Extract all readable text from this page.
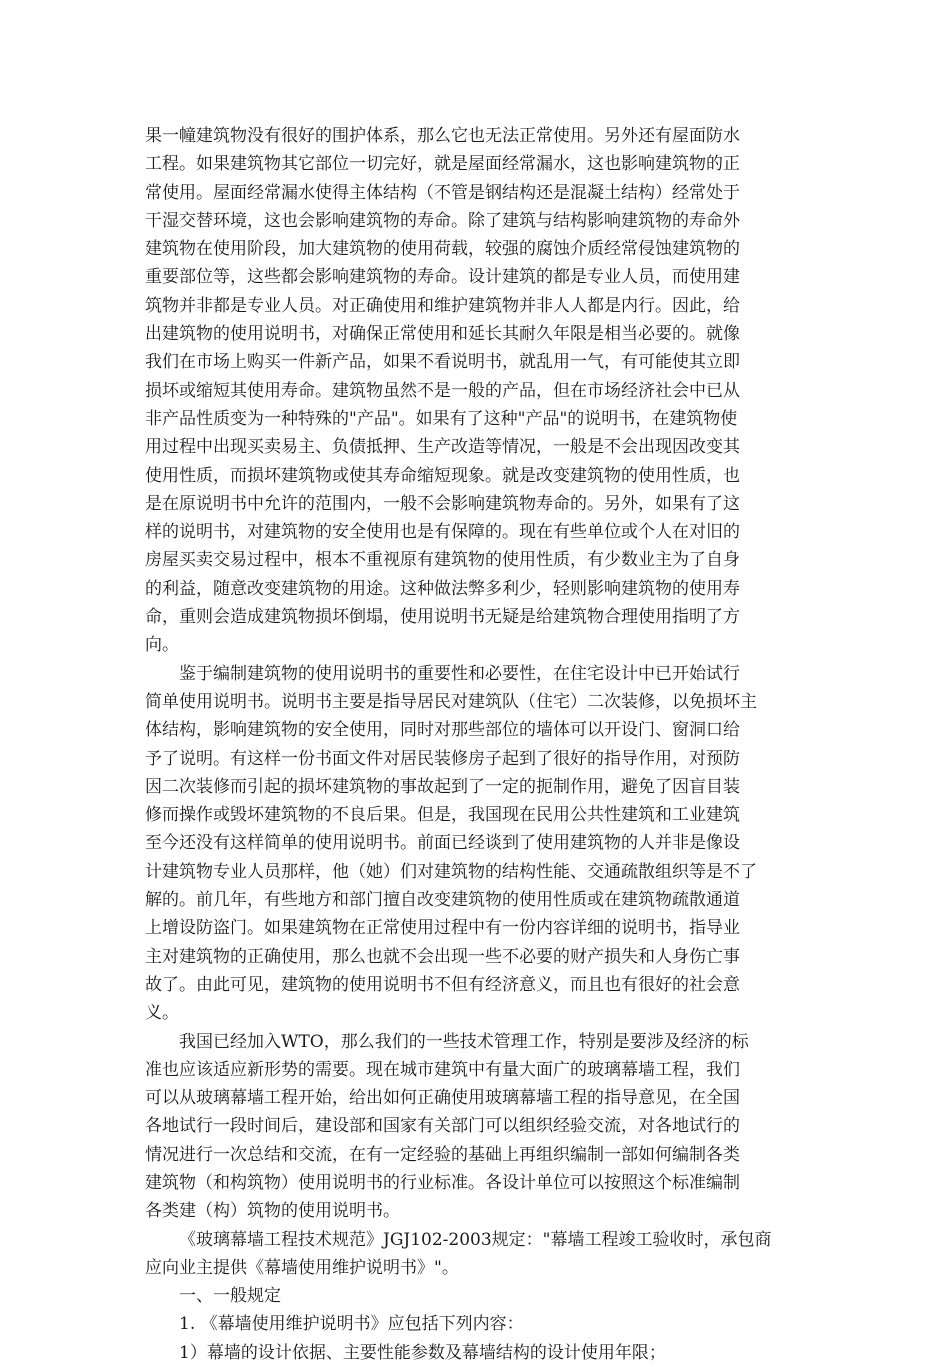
果一幢建筑物没有很好的围护体系，那么它也无法正常使用。另外还有屋面防水
工程。如果建筑物其它部位一切完好，就是屋面经常漏水，这也影响建筑物的正
常使用。屋面经常漏水使得主体结构（不管是钢结构还是混凝土结构）经常处于
干湿交替环境，这也会影响建筑物的寿命。除了建筑与结构影响建筑物的寿命外
建筑物在使用阶段，加大建筑物的使用荷载，较强的腐蚀介质经常侵蚀建筑物的
重要部位等，这些都会影响建筑物的寿命。设计建筑的都是专业人员，而使用建
筑物并非都是专业人员。对正确使用和维护建筑物并非人人都是内行。因此，给
出建筑物的使用说明书，对确保正常使用和延长其耐久年限是相当必要的。就像
我们在市场上购买一件新产品，如果不看说明书，就乱用一气，有可能使其立即
损坏或缩短其使用寿命。建筑物虽然不是一般的产品，但在市场经济社会中已从
非产品性质变为一种特殊的"产品"。如果有了这种"产品"的说明书，在建筑物使
用过程中出现买卖易主、负债抵押、生产改造等情况，一般是不会出现因改变其
使用性质，而损坏建筑物或使其寿命缩短现象。就是改变建筑物的使用性质，也
是在原说明书中允许的范围内，一般不会影响建筑物寿命的。另外，如果有了这
样的说明书，对建筑物的安全使用也是有保障的。现在有些单位或个人在对旧的
房屋买卖交易过程中，根本不重视原有建筑物的使用性质，有少数业主为了自身
的利益，随意改变建筑物的用途。这种做法弊多利少，轻则影响建筑物的使用寿
命，重则会造成建筑物损坏倒塌，使用说明书无疑是给建筑物合理使用指明了方
向。
鉴于编制建筑物的使用说明书的重要性和必要性，在住宅设计中已开始试行
简单使用说明书。说明书主要是指导居民对建筑队（住宅）二次装修，以免损坏主
体结构，影响建筑物的安全使用，同时对那些部位的墙体可以开设门、窗洞口给
予了说明。有这样一份书面文件对居民装修房子起到了很好的指导作用，对预防
因二次装修而引起的损坏建筑物的事故起到了一定的扼制作用，避免了因盲目装
修而操作或毁坏建筑物的不良后果。但是，我国现在民用公共性建筑和工业建筑
至今还没有这样简单的使用说明书。前面已经谈到了使用建筑物的人并非是像设
计建筑物专业人员那样，他（她）们对建筑物的结构性能、交通疏散组织等是不了
解的。前几年，有些地方和部门擅自改变建筑物的使用性质或在建筑物疏散通道
上增设防盗门。如果建筑物在正常使用过程中有一份内容详细的说明书，指导业
主对建筑物的正确使用，那么也就不会出现一些不必要的财产损失和人身伤亡事
故了。由此可见，建筑物的使用说明书不但有经济意义，而且也有很好的社会意
义。
我国已经加入WTO，那么我们的一些技术管理工作，特别是要涉及经济的标
准也应该适应新形势的需要。现在城市建筑中有量大面广的玻璃幕墙工程，我们
可以从玻璃幕墙工程开始，给出如何正确使用玻璃幕墙工程的指导意见，在全国
各地试行一段时间后，建设部和国家有关部门可以组织经验交流，对各地试行的
情况进行一次总结和交流，在有一定经验的基础上再组织编制一部如何编制各类
建筑物（和构筑物）使用说明书的行业标准。各设计单位可以按照这个标准编制
各类建（构）筑物的使用说明书。
《玻璃幕墙工程技术规范》JGJ102-2003规定："幕墙工程竣工验收时，承包商
应向业主提供《幕墙使用维护说明书》"。
一、一般规定
1. 《幕墙使用维护说明书》应包括下列内容：
1）幕墙的设计依据、主要性能参数及幕墙结构的设计使用年限；
